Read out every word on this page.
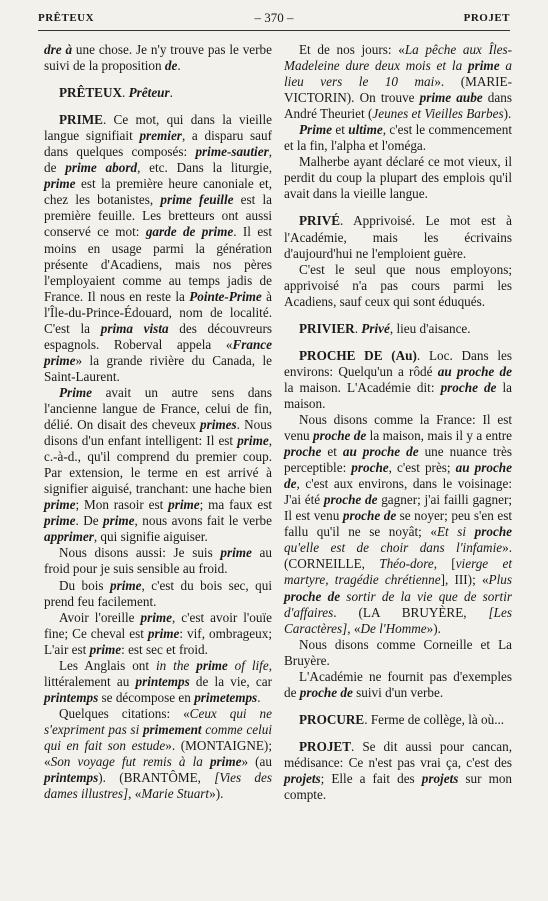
PRÊTEUX	– 370 –	PROJET

dre à une chose. Je n'y trouve pas le verbe suivi de la proposition de.

PRÊTEUX. Prêteur.

PRIME. Ce mot, qui dans la vieille langue signifiait premier, a disparu sauf dans quelques composés: prime-sautier, de prime abord, etc. Dans la liturgie, prime est la première heure canoniale et, chez les botanistes, prime feuille est la première feuille. Les bretteurs ont aussi conservé ce mot: garde de prime. Il est moins en usage parmi la génération présente d'Acadiens, mais nos pères l'employaient comme au temps jadis de France. Il nous en reste la Pointe-Prime à l'Île-du-Prince-Édouard, nom de localité. C'est la prima vista des découvreurs espagnols. Roberval appela «France prime» la grande rivière du Canada, le Saint-Laurent.

Prime avait un autre sens dans l'ancienne langue de France, celui de fin, délié. On disait des cheveux primes. Nous disons d'un enfant intelligent: Il est prime, c.-à-d., qu'il comprend du premier coup. Par extension, le terme en est arrivé à signifier aiguisé, tranchant: une hache bien prime; Mon rasoir est prime; ma faux est prime. De prime, nous avons fait le verbe apprimer, qui signifie aiguiser.

Nous disons aussi: Je suis prime au froid pour je suis sensible au froid.

Du bois prime, c'est du bois sec, qui prend feu facilement.

Avoir l'oreille prime, c'est avoir l'ouïe fine; Ce cheval est prime: vif, ombrageux; L'air est prime: est sec et froid.

Les Anglais ont in the prime of life, littéralement au printemps de la vie, car printemps se décompose en primetemps.

Quelques citations: «Ceux qui ne s'expriment pas si primement comme celui qui en fait son estude». (MONTAIGNE); «Son voyage fut remis à la prime» (au printemps). (BRANTÔME, [Vies des dames illustres], «Marie Stuart»).

Et de nos jours: «La pêche aux Îles-Madeleine dure deux mois et la prime a lieu vers le 10 mai». (MARIE-VICTORIN). On trouve prime aube dans André Theuriet (Jeunes et Vieilles Barbes).

Prime et ultime, c'est le commencement et la fin, l'alpha et l'oméga.

Malherbe ayant déclaré ce mot vieux, il perdit du coup la plupart des emplois qu'il avait dans la vieille langue.

PRIVÉ. Apprivoisé. Le mot est à l'Académie, mais les écrivains d'aujourd'hui ne l'emploient guère.

C'est le seul que nous employons; apprivoisé n'a pas cours parmi les Acadiens, sauf ceux qui sont éduqués.

PRIVIER. Privé, lieu d'aisance.

PROCHE DE (Au). Loc. Dans les environs: Quelqu'un a rôdé au proche de la maison. L'Académie dit: proche de la maison.

Nous disons comme la France: Il est venu proche de la maison, mais il y a entre proche et au proche de une nuance très perceptible: proche, c'est près; au proche de, c'est aux environs, dans le voisinage: J'ai été proche de gagner; j'ai failli gagner; Il est venu proche de se noyer; peu s'en est fallu qu'il ne se noyât; «Et si proche qu'elle est de choir dans l'infamie». (CORNEILLE, Théo-dore, [vierge et martyre, tragédie chrétienne], III); «Plus proche de sortir de la vie que de sortir d'affaires. (LA BRUYÈRE, [Les Caractères], «De l'Homme»).

Nous disons comme Corneille et La Bruyère.

L'Académie ne fournit pas d'exemples de proche de suivi d'un verbe.

PROCURE. Ferme de collège, là où...

PROJET. Se dit aussi pour cancan, médisance: Ce n'est pas vrai ça, c'est des projets; Elle a fait des projets sur mon compte.
